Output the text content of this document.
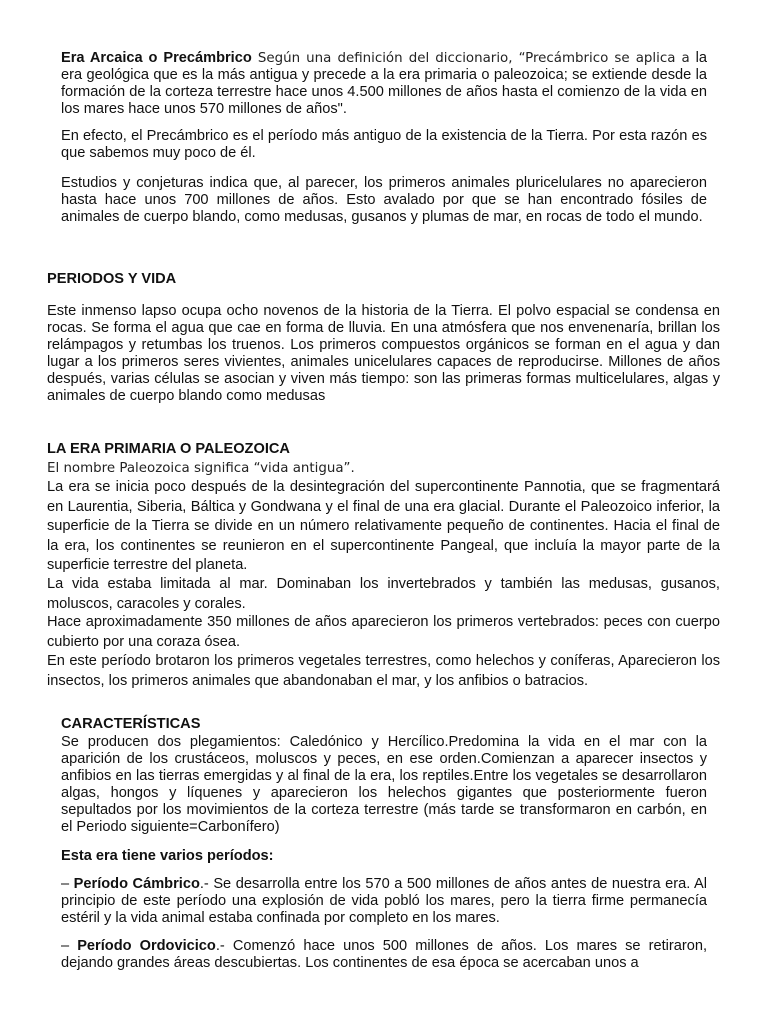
Era Arcaica o Precámbrico Según una definición del diccionario, “Precámbrico se aplica a la era geológica que es la más antigua y precede a la era primaria o paleozoica; se extiende desde la formación de la corteza terrestre hace unos 4.500 millones de años hasta el comienzo de la vida en los mares hace unos 570 millones de años".

En efecto, el Precámbrico es el período más antiguo de la existencia de la Tierra. Por esta razón es que sabemos muy poco de él.

Estudios y conjeturas indica que, al parecer, los primeros animales pluricelulares no aparecieron hasta hace unos 700 millones de años. Esto avalado por que se han encontrado fósiles de animales de cuerpo blando, como medusas, gusanos y plumas de mar, en rocas de todo el mundo.

PERIODOS Y VIDA

Este inmenso lapso ocupa ocho novenos de la historia de la Tierra. El polvo espacial se condensa en rocas. Se forma el agua que cae en forma de lluvia. En una atmósfera que nos envenenaría, brillan los relámpagos y retumbas los truenos. Los primeros compuestos orgánicos se forman en el agua y dan lugar a los primeros seres vivientes, animales unicelulares capaces de reproducirse. Millones de años después, varias células se asocian y viven más tiempo: son las primeras formas multicelulares, algas y animales de cuerpo blando como medusas

LA ERA PRIMARIA O PALEOZOICA

El nombre Paleozoica significa “vida antigua”.

La era se inicia poco después de la desintegración del supercontinente Pannotia, que se fragmentará en Laurentia, Siberia, Báltica y Gondwana y el final de una era glacial. Durante el Paleozoico inferior, la superficie de la Tierra se divide en un número relativamente pequeño de continentes. Hacia el final de la era, los continentes se reunieron en el supercontinente Pangeal, que incluía la mayor parte de la superficie terrestre del planeta.

La vida estaba limitada al mar. Dominaban los invertebrados y también las medusas, gusanos, moluscos, caracoles y corales.

Hace aproximadamente 350 millones de años aparecieron los primeros vertebrados: peces con cuerpo cubierto por una coraza ósea.

En este período brotaron los primeros vegetales terrestres, como helechos y coníferas, Aparecieron los insectos, los primeros animales que abandonaban el mar, y los anfibios o batracios.

CARACTERÍSTICAS

Se producen dos plegamientos: Caledónico y Hercílico.Predomina la vida en el mar con la aparición de los crustáceos, moluscos y peces, en ese orden.Comienzan a aparecer insectos y anfibios en las tierras emergidas y al final de la era, los reptiles.Entre los vegetales se desarrollaron algas, hongos y líquenes y aparecieron los helechos gigantes que posteriormente fueron sepultados por los movimientos de la corteza terrestre (más tarde se transformaron en carbón, en el Periodo siguiente=Carbonífero)

Esta era tiene varios períodos:

– Período Cámbrico.- Se desarrolla entre los 570 a 500 millones de años antes de nuestra era. Al principio de este período una explosión de vida pobló los mares, pero la tierra firme permanecía estéril y la vida animal estaba confinada por completo en los mares.

– Período Ordovicico.- Comenzó hace unos 500 millones de años. Los mares se retiraron, dejando grandes áreas descubiertas. Los continentes de esa época se acercaban unos a
